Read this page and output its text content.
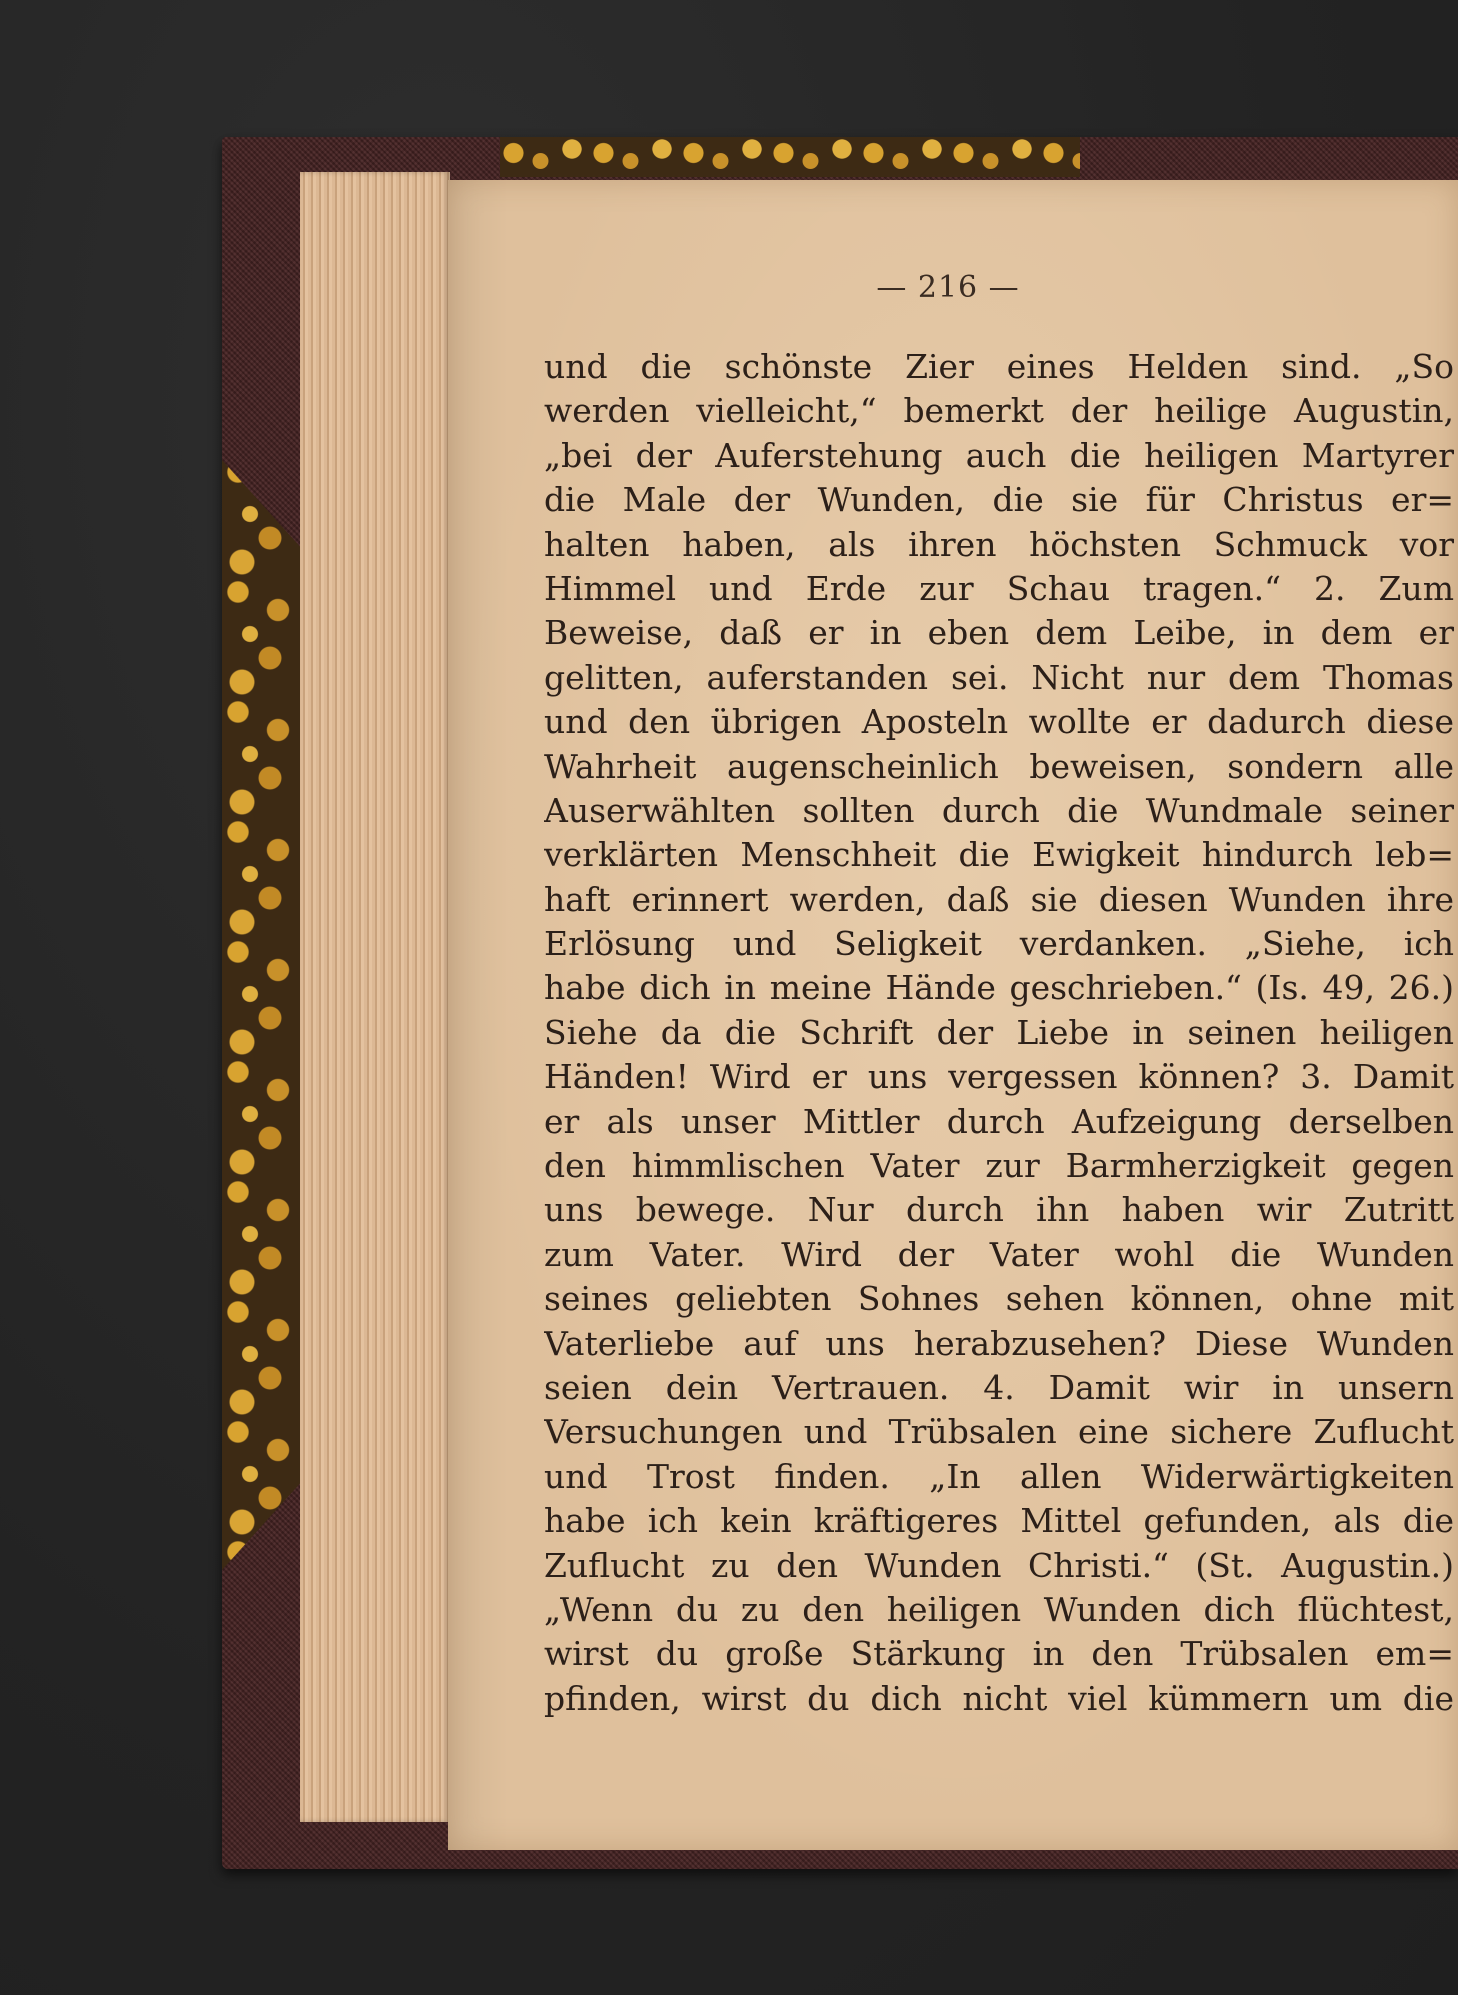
— 216 —

und die schönste Zier eines Helden sind. „So
werden vielleicht,“ bemerkt der heilige Augustin,
„bei der Auferstehung auch die heiligen Martyrer
die Male der Wunden, die sie für Christus er=
halten haben, als ihren höchsten Schmuck vor
Himmel und Erde zur Schau tragen.“ 2. Zum
Beweise, daß er in eben dem Leibe, in dem er
gelitten, auferstanden sei. Nicht nur dem Thomas
und den übrigen Aposteln wollte er dadurch diese
Wahrheit augenscheinlich beweisen, sondern alle
Auserwählten sollten durch die Wundmale seiner
verklärten Menschheit die Ewigkeit hindurch leb=
haft erinnert werden, daß sie diesen Wunden ihre
Erlösung und Seligkeit verdanken. „Siehe, ich
habe dich in meine Hände geschrieben.“ (Is. 49, 26.)
Siehe da die Schrift der Liebe in seinen heiligen
Händen! Wird er uns vergessen können? 3. Damit
er als unser Mittler durch Aufzeigung derselben
den himmlischen Vater zur Barmherzigkeit gegen
uns bewege. Nur durch ihn haben wir Zutritt
zum Vater. Wird der Vater wohl die Wunden
seines geliebten Sohnes sehen können, ohne mit
Vaterliebe auf uns herabzusehen? Diese Wunden
seien dein Vertrauen. 4. Damit wir in unsern
Versuchungen und Trübsalen eine sichere Zuflucht
und Trost finden. „In allen Widerwärtigkeiten
habe ich kein kräftigeres Mittel gefunden, als die
Zuflucht zu den Wunden Christi.“ (St. Augustin.)
„Wenn du zu den heiligen Wunden dich flüchtest,
wirst du große Stärkung in den Trübsalen em=
pfinden, wirst du dich nicht viel kümmern um die
